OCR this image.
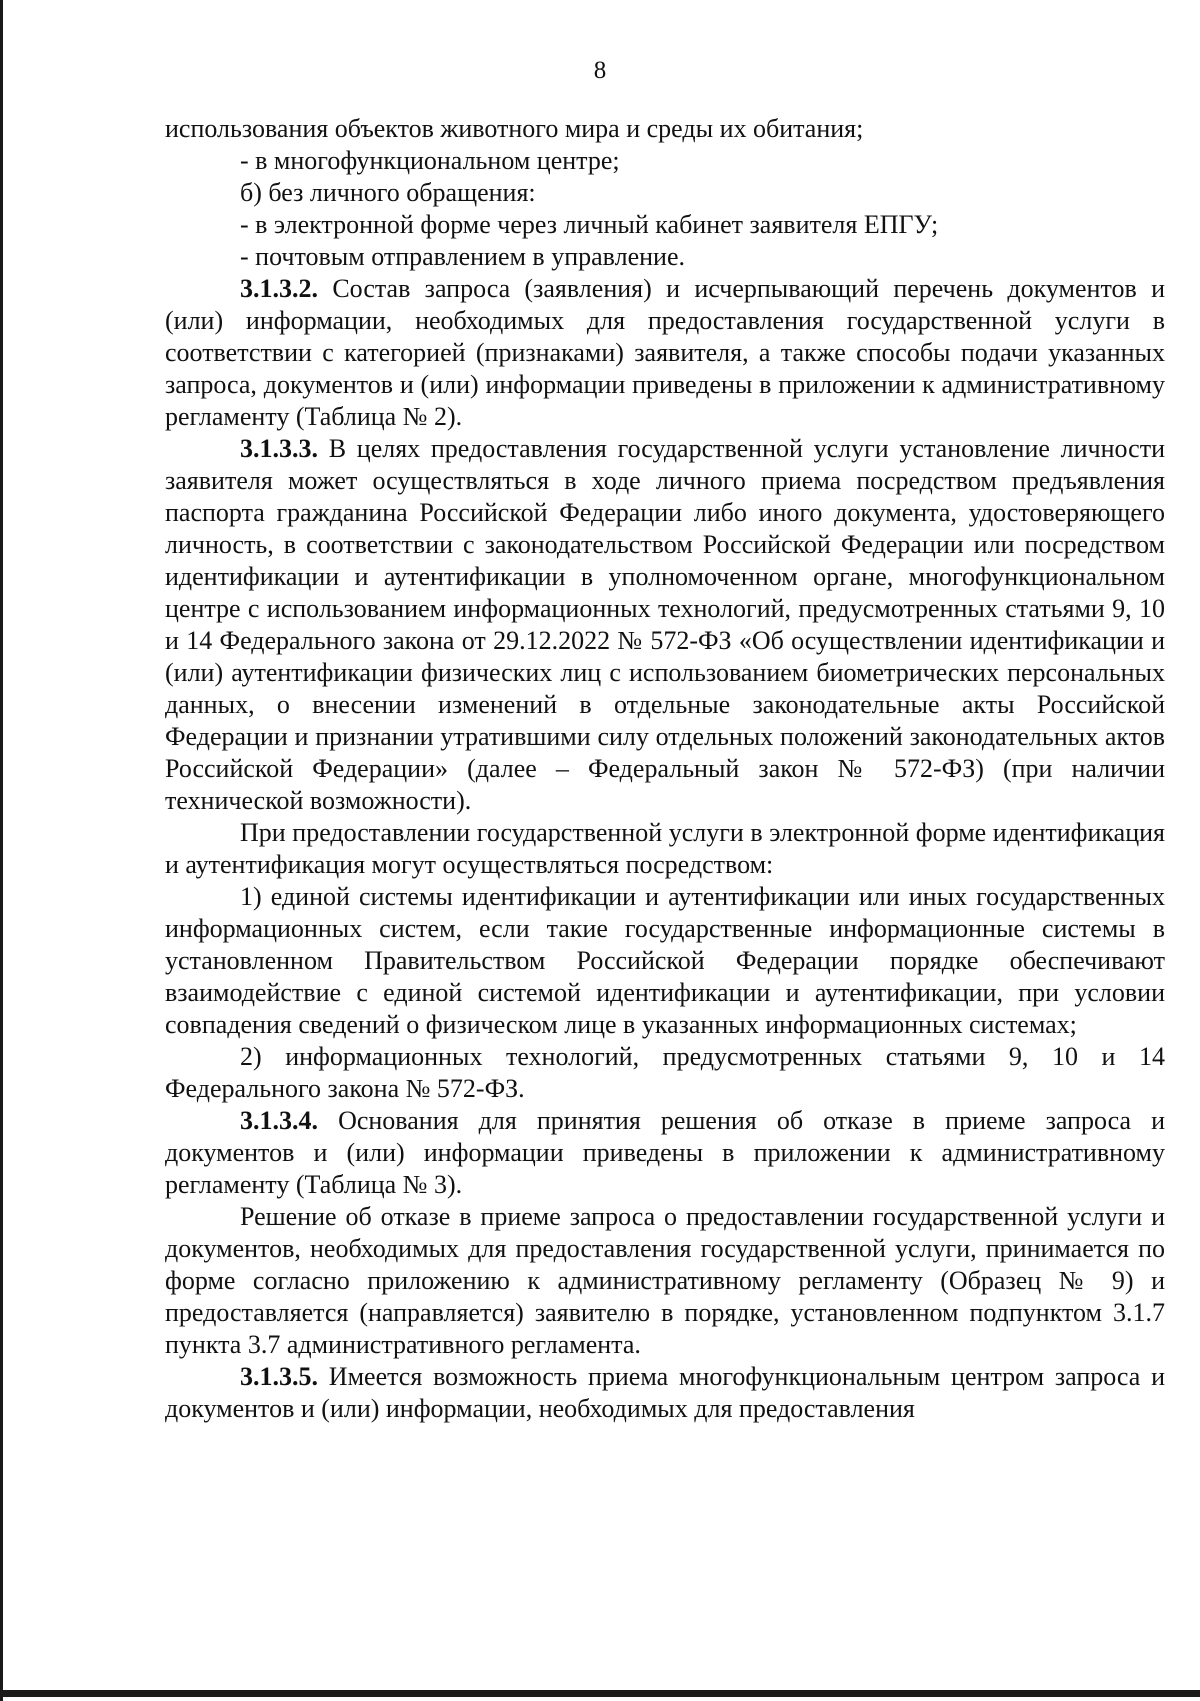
8

использования объектов животного мира и среды их обитания;

- в многофункциональном центре;

б) без личного обращения:

- в электронной форме через личный кабинет заявителя ЕПГУ;

- почтовым отправлением в управление.

3.1.3.2. Состав запроса (заявления) и исчерпывающий перечень документов и (или) информации, необходимых для предоставления государственной услуги в соответствии с категорией (признаками) заявителя, а также способы подачи указанных запроса, документов и (или) информации приведены в приложении к административному регламенту (Таблица № 2).

3.1.3.3. В целях предоставления государственной услуги установление личности заявителя может осуществляться в ходе личного приема посредством предъявления паспорта гражданина Российской Федерации либо иного документа, удостоверяющего личность, в соответствии с законодательством Российской Федерации или посредством идентификации и аутентификации в уполномоченном органе, многофункциональном центре с использованием информационных технологий, предусмотренных статьями 9, 10 и 14 Федерального закона от 29.12.2022 № 572-ФЗ «Об осуществлении идентификации и (или) аутентификации физических лиц с использованием биометрических персональных данных, о внесении изменений в отдельные законодательные акты Российской Федерации и признании утратившими силу отдельных положений законодательных актов Российской Федерации» (далее – Федеральный закон № 572-ФЗ) (при наличии технической возможности).

При предоставлении государственной услуги в электронной форме идентификация и аутентификация могут осуществляться посредством:

1) единой системы идентификации и аутентификации или иных государственных информационных систем, если такие государственные информационные системы в установленном Правительством Российской Федерации порядке обеспечивают взаимодействие с единой системой идентификации и аутентификации, при условии совпадения сведений о физическом лице в указанных информационных системах;

2) информационных технологий, предусмотренных статьями 9, 10 и 14 Федерального закона № 572-ФЗ.

3.1.3.4. Основания для принятия решения об отказе в приеме запроса и документов и (или) информации приведены в приложении к административному регламенту (Таблица № 3).

Решение об отказе в приеме запроса о предоставлении государственной услуги и документов, необходимых для предоставления государственной услуги, принимается по форме согласно приложению к административному регламенту (Образец № 9) и предоставляется (направляется) заявителю в порядке, установленном подпунктом 3.1.7 пункта 3.7 административного регламента.

3.1.3.5. Имеется возможность приема многофункциональным центром запроса и документов и (или) информации, необходимых для предоставления
